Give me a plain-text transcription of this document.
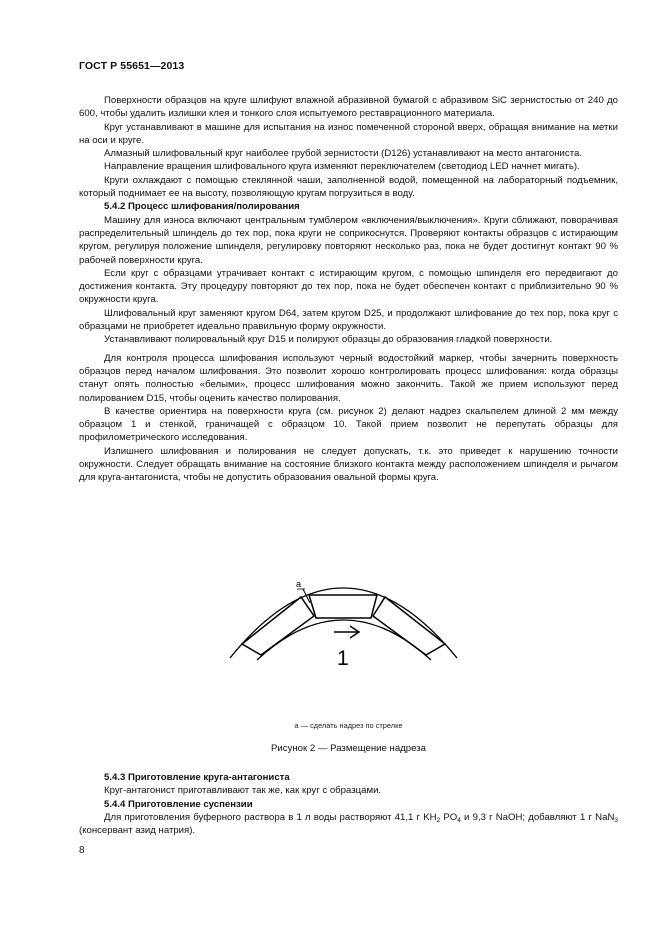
ГОСТ Р 55651—2013

Поверхности образцов на круге шлифуют влажной абразивной бумагой с абразивом SiC зернистостью от 240 до 600, чтобы удалить излишки клея и тонкого слоя испытуемого реставрационного материала.

Круг устанавливают в машине для испытания на износ помеченной стороной вверх, обращая внимание на метки на оси и круге.

Алмазный шлифовальный круг наиболее грубой зернистости (D126) устанавливают на место антагониста.

Направление вращения шлифовального круга изменяют переключателем (светодиод LED начнет мигать).

Круги охлаждают с помощью стеклянной чаши, заполненной водой, помещенной на лабораторный подъемник, который поднимает ее на высоту, позволяющую кругам погрузиться в воду.

5.4.2 Процесс шлифования/полирования

Машину для износа включают центральным тумблером «включения/выключения». Круги сближают, поворачивая распределительный шпиндель до тех пор, пока круги не соприкоснутся. Проверяют контакты образцов с истирающим кругом, регулируя положение шпинделя, регулировку повторяют несколько раз, пока не будет достигнут контакт 90 % рабочей поверхности круга.

Если круг с образцами утрачивает контакт с истирающим кругом, с помощью шпинделя его передвигают до достижения контакта. Эту процедуру повторяют до тех пор, пока не будет обеспечен контакт с приблизительно 90 % окружности круга.

Шлифовальный круг заменяют кругом D64, затем кругом D25, и продолжают шлифование до тех пор, пока круг с образцами не приобретет идеально правильную форму окружности.

Устанавливают полировальный круг D15 и полируют образцы до образования гладкой поверхности.

Для контроля процесса шлифования используют черный водостойкий маркер, чтобы зачернить поверхность образцов перед началом шлифования. Это позволит хорошо контролировать процесс шлифования: когда образцы станут опять полностью «белыми», процесс шлифования можно закончить. Такой же прием используют перед полированием D15, чтобы оценить качество полирования.

В качестве ориентира на поверхности круга (см. рисунок 2) делают надрез скальпелем длиной 2 мм между образцом 1 и стенкой, граничащей с образцом 10. Такой прием позволит не перепутать образцы для профилометрического исследования.

Излишнего шлифования и полирования не следует допускать, т.к. это приведет к нарушению точности окружности. Следует обращать внимание на состояние близкого контакта между расположением шпинделя и рычагом для круга-антагониста, чтобы не допустить образования овальной формы круга.

a
1
a — сделать надрез по стрелке
Рисунок 2 — Размещение надреза
5.4.3 Приготовление круга-антагониста

Круг-антагонист приготавливают так же, как круг с образцами.

5.4.4 Приготовление суспензии

Для приготовления буферного раствора в 1 л воды растворяют 41,1 г $KH_2$ $PO_4$ и 9,3 г NaOH; добавляют 1 г NaN$_3$ (консервант азид натрия).

8
